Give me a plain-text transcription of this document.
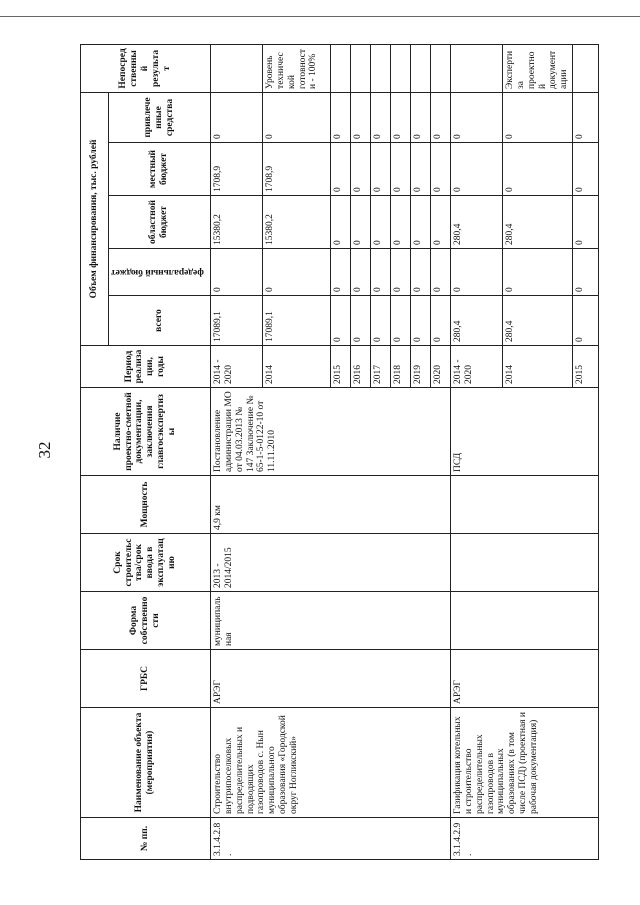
32
№ пп.	Наименование объекта (мероприятия)	ГРБС	Форма собственности	Срок строительства/срок ввода в эксплуатацию	Мощность	Наличие проектно-сметной документации, заключения главгосэкспертизы	Период реализации, годы	Объем финансирования, тыс. рублей					Непосредственный результат
								всего	федеральный бюджет	областной бюджет	местный бюджет	привлеченные средства	
3.1.4.2.8.	Строительство внутрипоселковых распределительных и подводящих газопроводов с. Нын муниципального образования «Городской округ Ногликский»	АРЭГ	муниципальная	2013 - 2014/2015	4,9 км	Постановление администрации МО от 04.03.2013 № 147 Заключение № 65-1-5-0122-10 от 11.11.2010	2014 - 2020	17089,1	0	15380,2	1708,9	0	
							2014	17089,1	0	15380,2	1708,9	0	Уровень технической готовности - 100%
							2015	0	0	0	0	0	
							2016	0	0	0	0	0	
							2017	0	0	0	0	0	
							2018	0	0	0	0	0	
							2019	0	0	0	0	0	
							2020	0	0	0	0	0	
3.1.4.2.9.	Газификация котельных и строительство распределительных газопроводов в муниципальных образованиях (в том числе ПСД) (проектная и рабочая документация)	АРЭГ				ПСД	2014 - 2020	280,4	0	280,4	0	0	
							2014	280,4	0	280,4	0	0	Экспертиза проектной документации
							2015	0	0	0	0	0	
